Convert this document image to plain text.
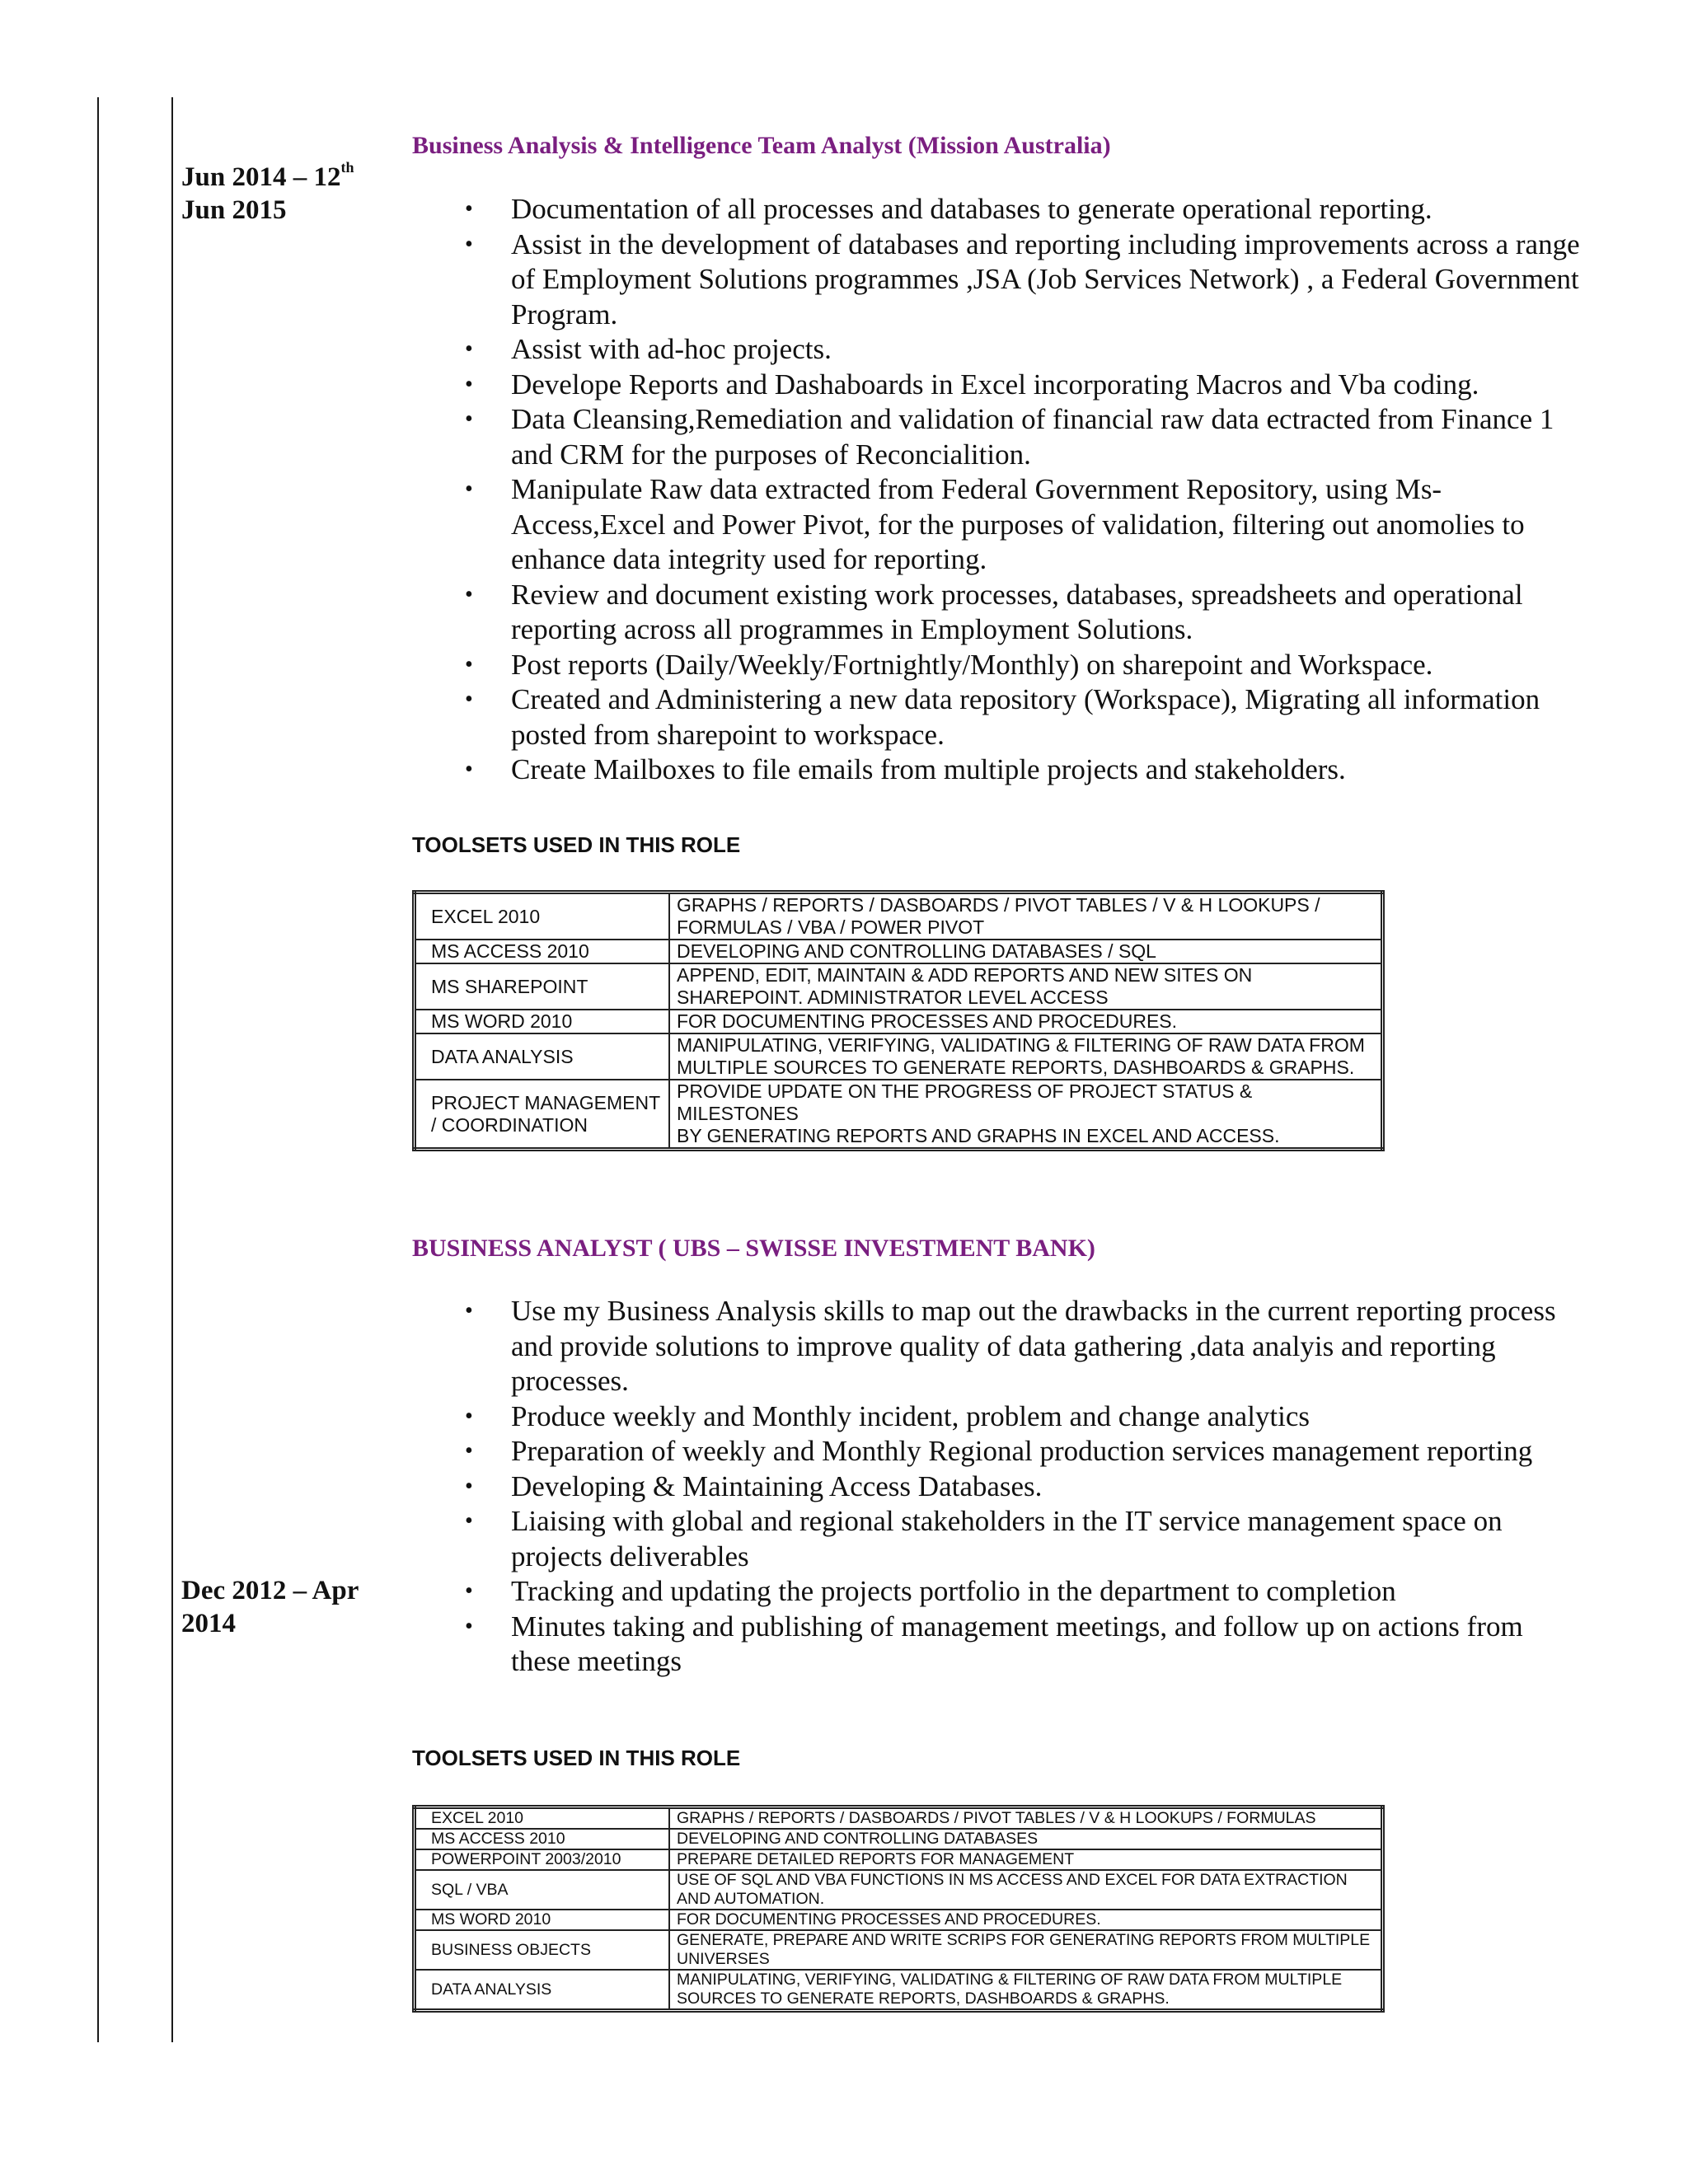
Jun 2014 – 12th
Jun 2015
Business Analysis & Intelligence Team Analyst (Mission Australia)
• Documentation of all processes and databases to generate operational reporting.
• Assist in the development of databases and reporting including improvements across a range of Employment Solutions programmes ,JSA (Job Services Network) , a Federal Government Program.
• Assist with ad-hoc projects.
• Develope Reports and Dashaboards in Excel incorporating Macros and Vba coding.
• Data Cleansing,Remediation and validation of financial raw data ectracted from Finance 1 and CRM for the purposes of Reconcialition.
• Manipulate Raw data extracted from Federal Government Repository, using Ms-Access,Excel and Power Pivot, for the purposes of validation, filtering out anomolies to enhance data integrity used for reporting.
• Review and document existing work processes, databases, spreadsheets and operational reporting across all programmes in Employment Solutions.
• Post reports (Daily/Weekly/Fortnightly/Monthly) on sharepoint and Workspace.
• Created and Administering a new data repository (Workspace), Migrating all information posted from sharepoint to workspace.
• Create Mailboxes to file emails from multiple projects and stakeholders.
TOOLSETS USED IN THIS ROLE
EXCEL 2010	GRAPHS / REPORTS / DASBOARDS / PIVOT TABLES / V & H LOOKUPS / FORMULAS / VBA / POWER PIVOT
MS ACCESS 2010	DEVELOPING AND CONTROLLING DATABASES / SQL
MS SHAREPOINT	APPEND, EDIT, MAINTAIN & ADD REPORTS AND NEW SITES ON SHAREPOINT. ADMINISTRATOR LEVEL ACCESS
MS WORD 2010	FOR DOCUMENTING PROCESSES AND PROCEDURES.
DATA ANALYSIS	MANIPULATING, VERIFYING, VALIDATING & FILTERING OF RAW DATA FROM MULTIPLE SOURCES TO GENERATE REPORTS, DASHBOARDS & GRAPHS.
PROJECT MANAGEMENT / COORDINATION	PROVIDE UPDATE ON THE PROGRESS OF PROJECT STATUS & MILESTONES
BY GENERATING REPORTS AND GRAPHS IN EXCEL AND ACCESS.
BUSINESS ANALYST ( UBS – SWISSE INVESTMENT BANK)
• Use my Business Analysis skills to map out the drawbacks in the current reporting process and provide solutions to improve quality of data gathering ,data analyis and reporting processes.
• Produce weekly and Monthly incident, problem and change analytics
• Preparation of weekly and Monthly Regional production services management reporting
• Developing & Maintaining Access Databases.
• Liaising with global and regional stakeholders in the IT service management space on projects deliverables
• Tracking and updating the projects portfolio in the department to completion
• Minutes taking and publishing of management meetings, and follow up on actions from these meetings
Dec 2012 – Apr 2014
TOOLSETS USED IN THIS ROLE
EXCEL 2010	GRAPHS / REPORTS / DASBOARDS / PIVOT TABLES / V & H LOOKUPS / FORMULAS
MS ACCESS 2010	DEVELOPING AND CONTROLLING DATABASES
POWERPOINT 2003/2010	PREPARE DETAILED REPORTS FOR MANAGEMENT
SQL / VBA	USE OF SQL AND VBA FUNCTIONS IN MS ACCESS AND EXCEL FOR DATA EXTRACTION AND AUTOMATION.
MS WORD 2010	FOR DOCUMENTING PROCESSES AND PROCEDURES.
BUSINESS OBJECTS	GENERATE, PREPARE AND WRITE SCRIPS FOR GENERATING REPORTS FROM MULTIPLE UNIVERSES
DATA ANALYSIS	MANIPULATING, VERIFYING, VALIDATING & FILTERING OF RAW DATA FROM MULTIPLE SOURCES TO GENERATE REPORTS, DASHBOARDS & GRAPHS.
